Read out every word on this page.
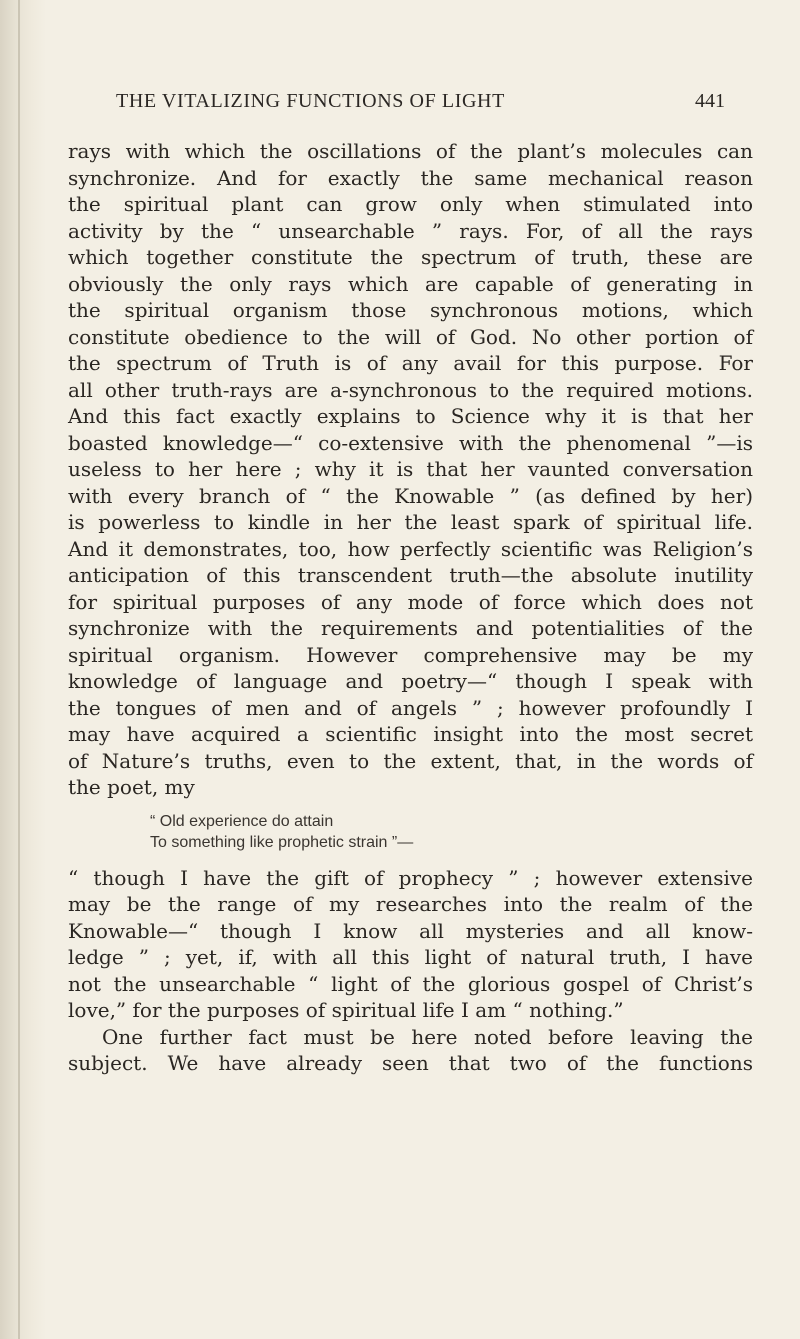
THE VITALIZING FUNCTIONS OF LIGHT	441
rays with which the oscillations of the plant’s molecules can
synchronize. And for exactly the same mechanical reason
the spiritual plant can grow only when stimulated into
activity by the “ unsearchable ” rays. For, of all the rays
which together constitute the spectrum of truth, these are
obviously the only rays which are capable of generating in
the spiritual organism those synchronous motions, which
constitute obedience to the will of God. No other portion of
the spectrum of Truth is of any avail for this purpose. For
all other truth-rays are a-synchronous to the required motions.
And this fact exactly explains to Science why it is that her
boasted knowledge—“ co-extensive with the phenomenal ”—is
useless to her here ; why it is that her vaunted conversation
with every branch of “ the Knowable ” (as defined by her)
is powerless to kindle in her the least spark of spiritual life.
And it demonstrates, too, how perfectly scientific was Religion’s
anticipation of this transcendent truth—the absolute inutility
for spiritual purposes of any mode of force which does not
synchronize with the requirements and potentialities of the
spiritual organism. However comprehensive may be my
knowledge of language and poetry—“ though I speak with
the tongues of men and of angels ” ; however profoundly I
may have acquired a scientific insight into the most secret
of Nature’s truths, even to the extent, that, in the words of
the poet, my
“ Old experience do attain
To something like prophetic strain ”—
“ though I have the gift of prophecy ” ; however extensive
may be the range of my researches into the realm of the
Knowable—“ though I know all mysteries and all know-
ledge ” ; yet, if, with all this light of natural truth, I have
not the unsearchable “ light of the glorious gospel of Christ’s
love,” for the purposes of spiritual life I am “ nothing.”
One further fact must be here noted before leaving the
subject. We have already seen that two of the functions
